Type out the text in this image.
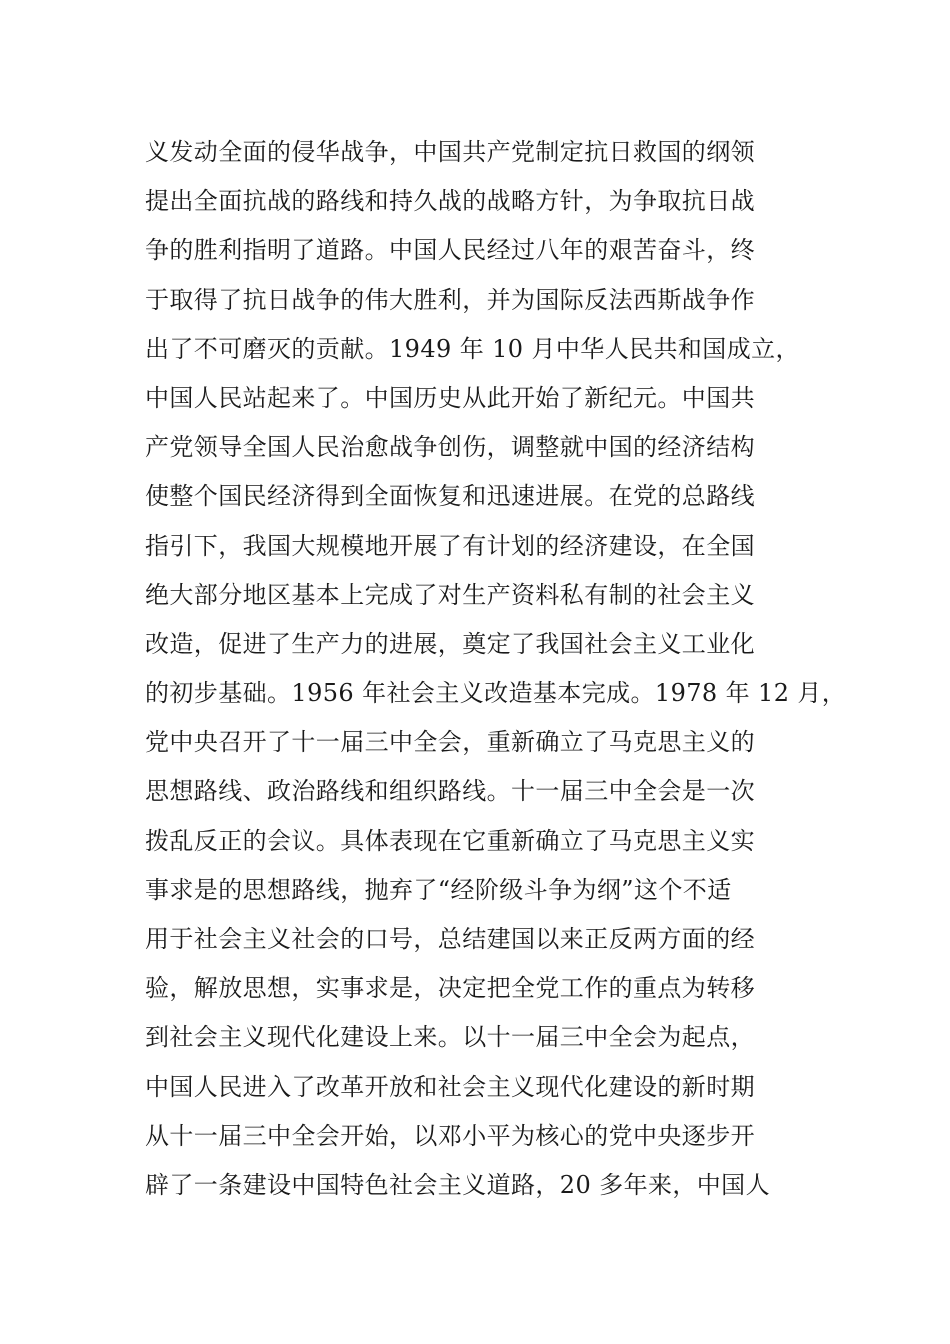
义发动全面的侵华战争，中国共产党制定抗日救国的纲领
提出全面抗战的路线和持久战的战略方针，为争取抗日战
争的胜利指明了道路。中国人民经过八年的艰苦奋斗，终
于取得了抗日战争的伟大胜利，并为国际反法西斯战争作
出了不可磨灭的贡献。1949 年 10 月中华人民共和国成立，
中国人民站起来了。中国历史从此开始了新纪元。中国共
产党领导全国人民治愈战争创伤，调整就中国的经济结构
使整个国民经济得到全面恢复和迅速进展。在党的总路线
指引下，我国大规模地开展了有计划的经济建设，在全国
绝大部分地区基本上完成了对生产资料私有制的社会主义
改造，促进了生产力的进展，奠定了我国社会主义工业化
的初步基础。1956 年社会主义改造基本完成。1978 年 12 月，
党中央召开了十一届三中全会，重新确立了马克思主义的
思想路线、政治路线和组织路线。十一届三中全会是一次
拨乱反正的会议。具体表现在它重新确立了马克思主义实
事求是的思想路线，抛弃了“经阶级斗争为纲”这个不适
用于社会主义社会的口号，总结建国以来正反两方面的经
验，解放思想，实事求是，决定把全党工作的重点为转移
到社会主义现代化建设上来。以十一届三中全会为起点，
中国人民进入了改革开放和社会主义现代化建设的新时期
从十一届三中全会开始，以邓小平为核心的党中央逐步开
辟了一条建设中国特色社会主义道路，20 多年来，中国人
